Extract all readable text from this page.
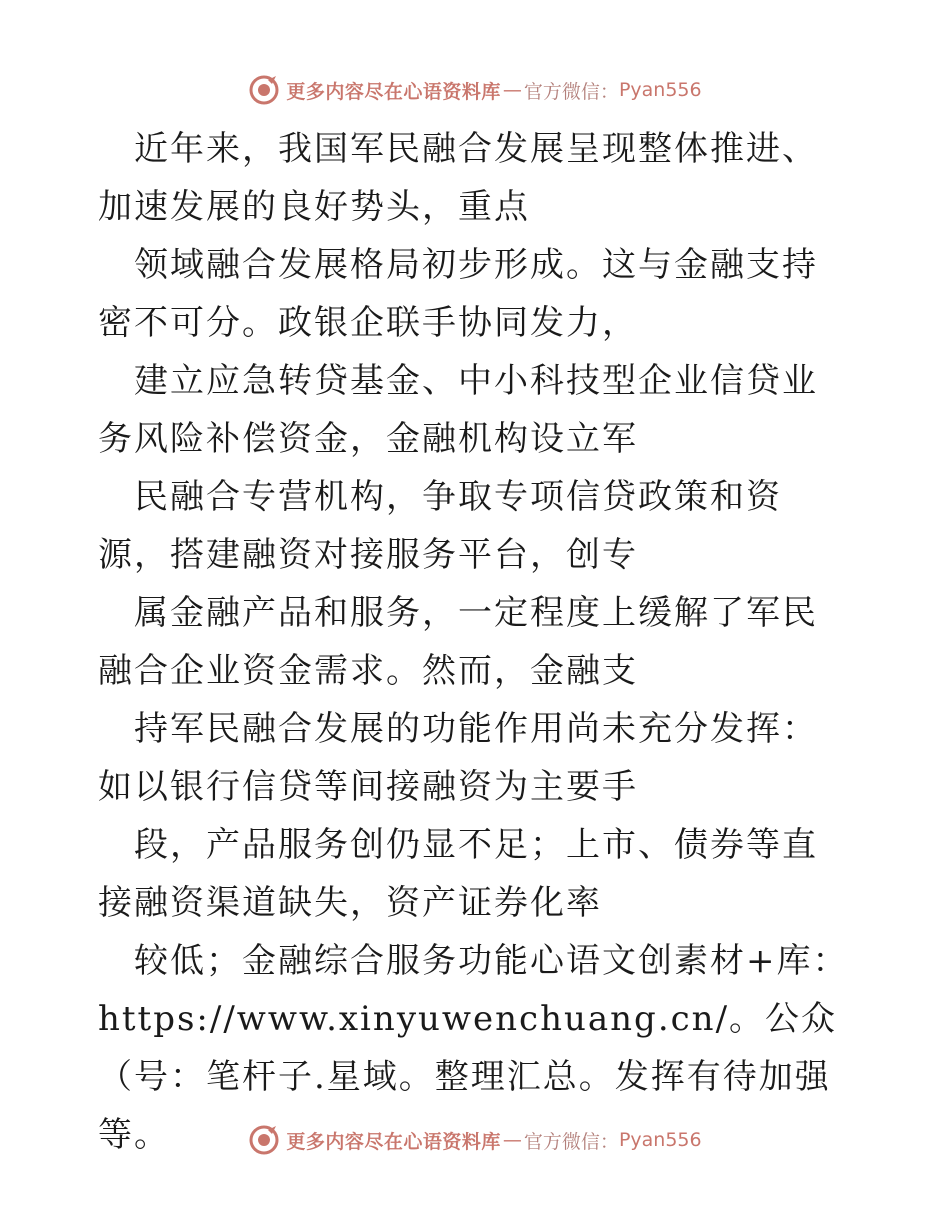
更多内容尽在心语资料库 — 官方微信： Pyan556

近年来，我国军民融合发展呈现整体推进、加速发展的良好势头，重点

领域融合发展格局初步形成。这与金融支持密不可分。政银企联手协同发力，

建立应急转贷基金、中小科技型企业信贷业务风险补偿资金，金融机构设立军

民融合专营机构，争取专项信贷政策和资源，搭建融资对接服务平台，创专

属金融产品和服务，一定程度上缓解了军民融合企业资金需求。然而，金融支

持军民融合发展的功能作用尚未充分发挥：如以银行信贷等间接融资为主要手

段，产品服务创仍显不足；上市、债券等直接融资渠道缺失，资产证券化率

较低；金融综合服务功能心语文创素材+库：https://www.xinyuwenchuang.cn/。公众（号：笔杆子.星域。整理汇总。发挥有待加强等。	更多内容尽在心语资料库 — 官方微信： Pyan556
